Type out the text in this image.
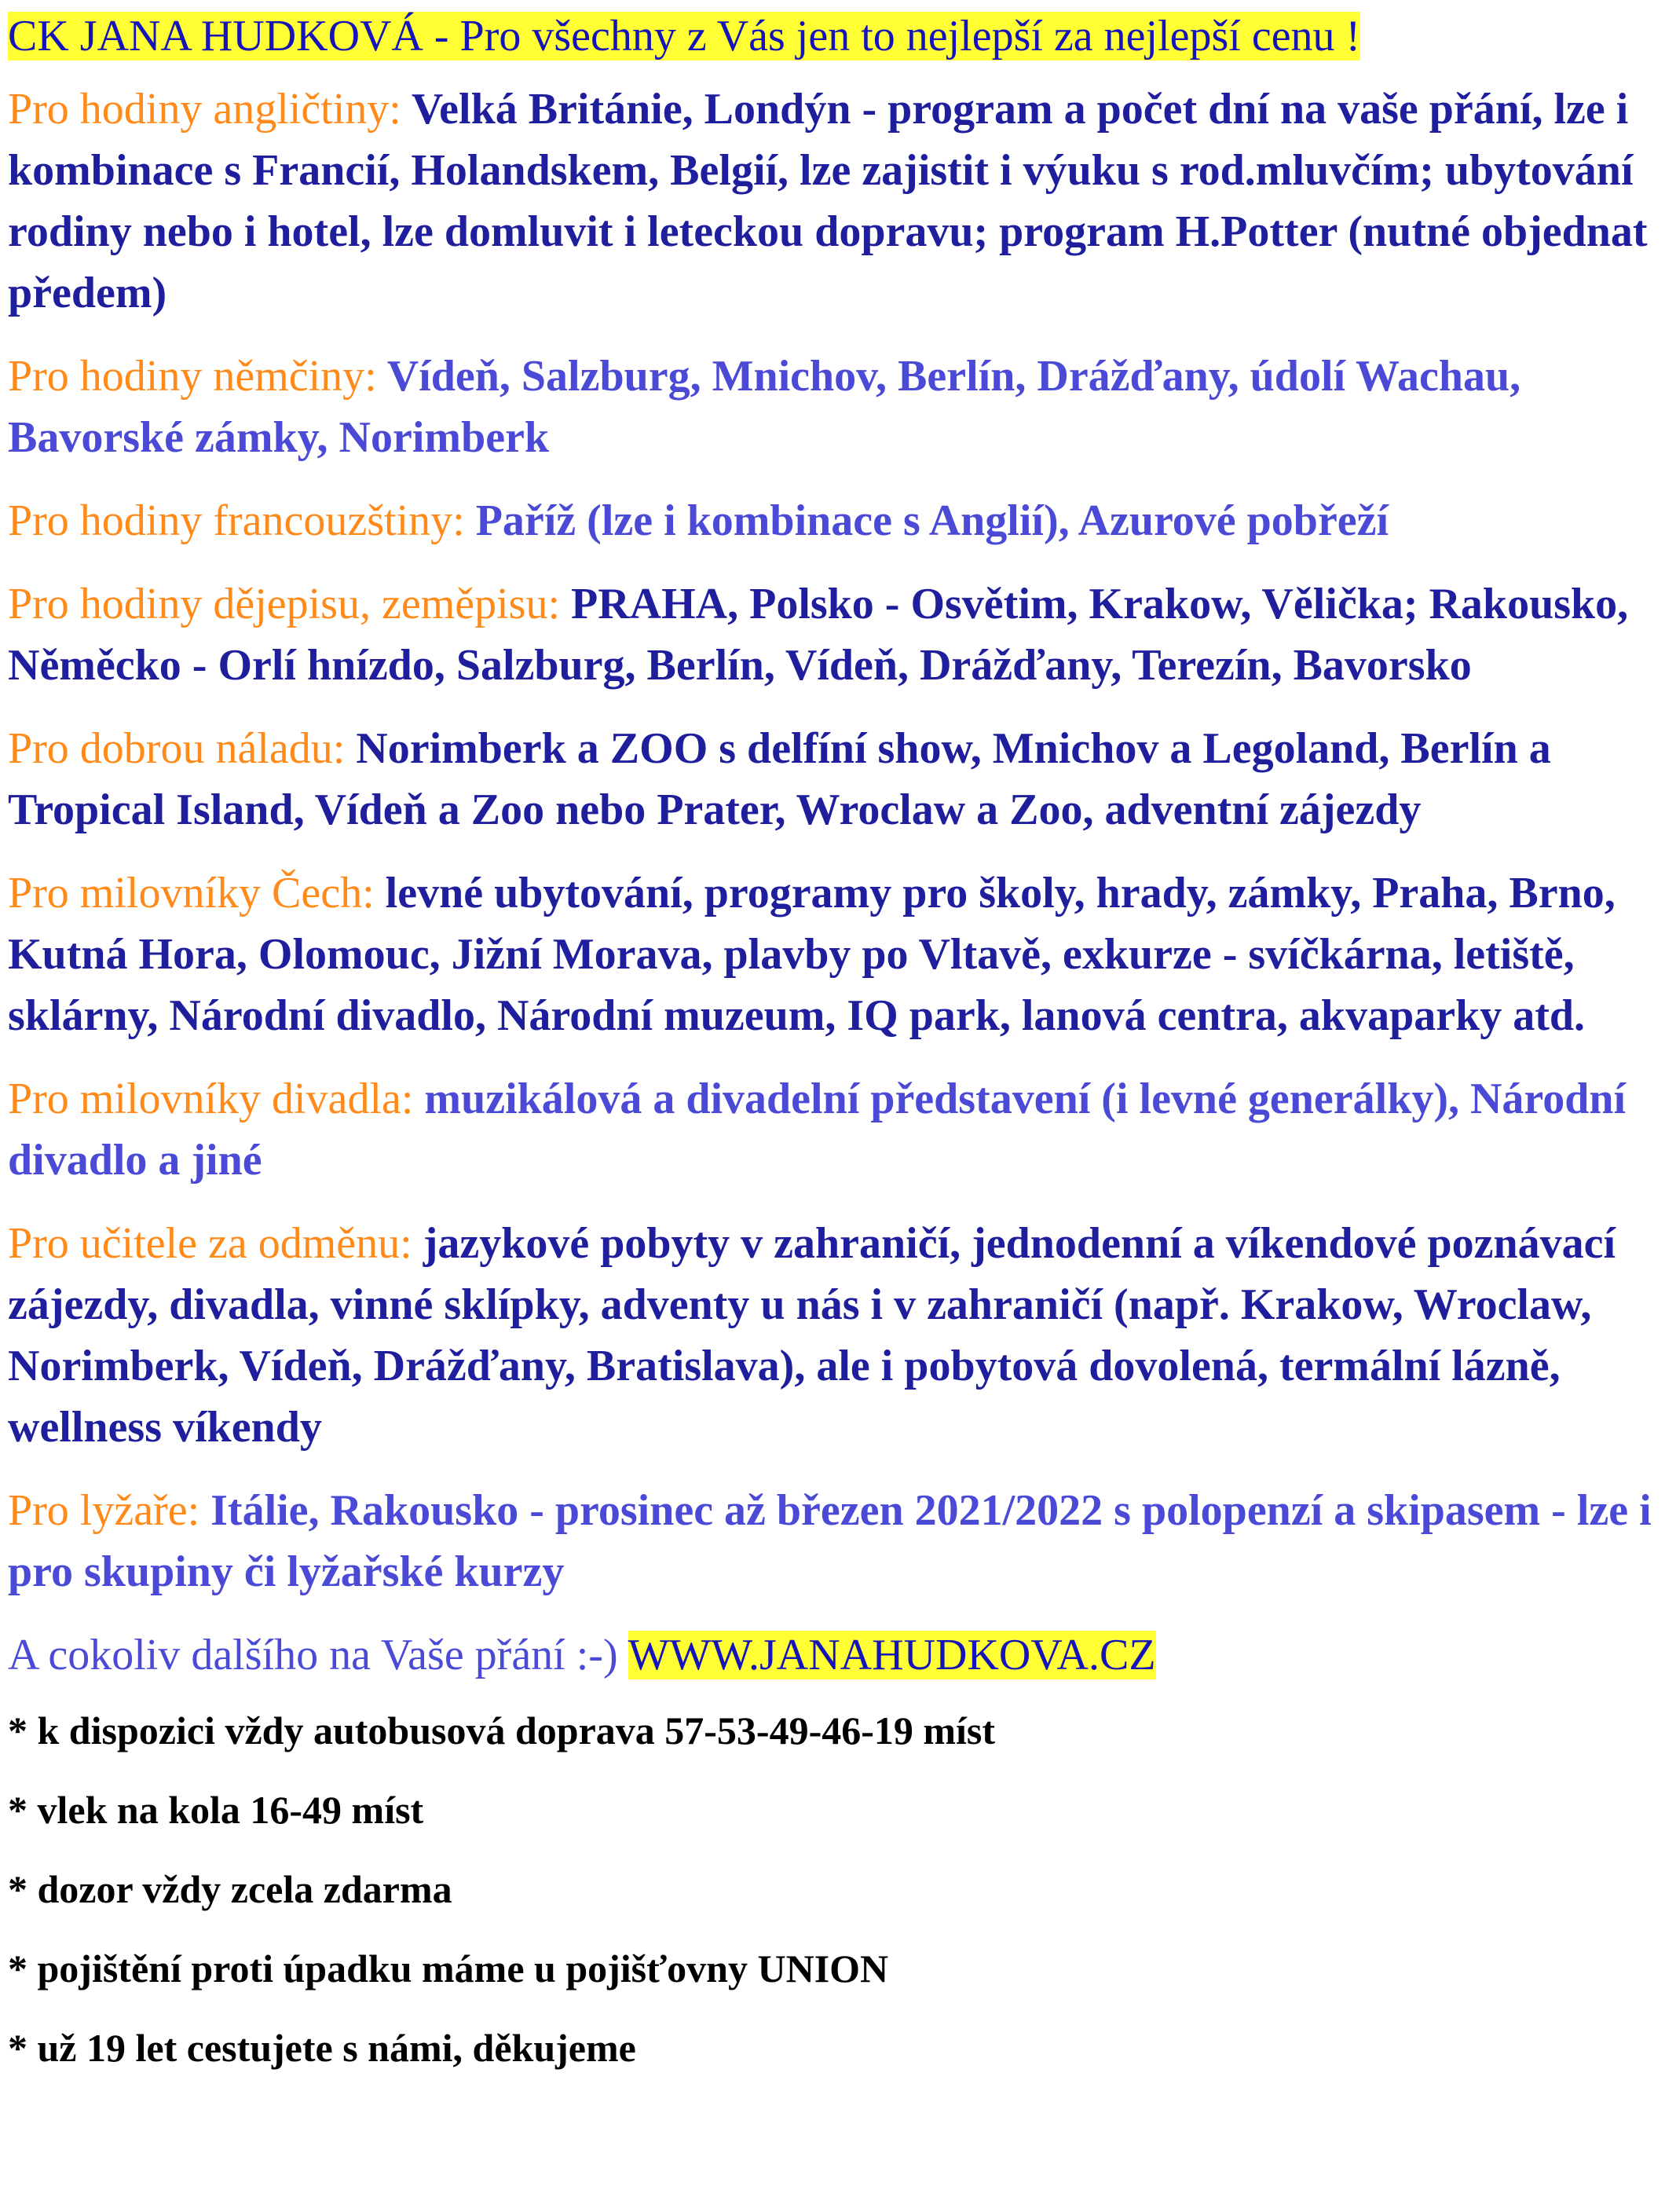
CK JANA HUDKOVÁ - Pro všechny z Vás jen to nejlepší za nejlepší cenu !
Pro hodiny angličtiny: Velká Británie, Londýn - program a počet dní na vaše přání, lze i kombinace s Francií, Holandskem, Belgií, lze zajistit i výuku s rod.mluvčím; ubytování rodiny nebo i hotel, lze domluvit i leteckou dopravu; program H.Potter (nutné objednat předem)
Pro hodiny němčiny: Vídeň, Salzburg, Mnichov, Berlín, Drážďany, údolí Wachau, Bavorské zámky, Norimberk
Pro hodiny francouzštiny: Paříž (lze i kombinace s Anglií), Azurové pobřeží
Pro hodiny dějepisu, zeměpisu: PRAHA, Polsko - Osvětim, Krakow, Vělička; Rakousko, Něměcko - Orlí hnízdo, Salzburg, Berlín, Vídeň, Drážďany, Terezín, Bavorsko
Pro dobrou náladu: Norimberk a ZOO s delfíní show, Mnichov a Legoland, Berlín a Tropical Island, Vídeň a Zoo nebo Prater, Wroclaw a Zoo, adventní zájezdy
Pro milovníky Čech: levné ubytování, programy pro školy, hrady, zámky, Praha, Brno, Kutná Hora, Olomouc, Jižní Morava, plavby po Vltavě, exkurze - svíčkárna, letiště, sklárny, Národní divadlo, Národní muzeum, IQ park, lanová centra, akvaparky atd.
Pro milovníky divadla: muzikálová a divadelní představení (i levné generálky), Národní divadlo a jiné
Pro učitele za odměnu: jazykové pobyty v zahraničí, jednodenní a víkendové poznávací zájezdy, divadla, vinné sklípky, adventy u nás i v zahraničí (např. Krakow, Wroclaw, Norimberk, Vídeň, Drážďany, Bratislava), ale i pobytová dovolená, termální lázně, wellness víkendy
Pro lyžaře: Itálie, Rakousko - prosinec až březen 2021/2022 s polopenzí a skipasem - lze i pro skupiny či lyžařské kurzy
A cokoliv dalšího na Vaše přání :-) WWW.JANAHUDKOVA.CZ
* k dispozici vždy autobusová doprava 57-53-49-46-19 míst
* vlek na kola 16-49 míst
* dozor vždy zcela zdarma
* pojištění proti úpadku máme u pojišťovny UNION
* už 19 let cestujete s námi, děkujeme
